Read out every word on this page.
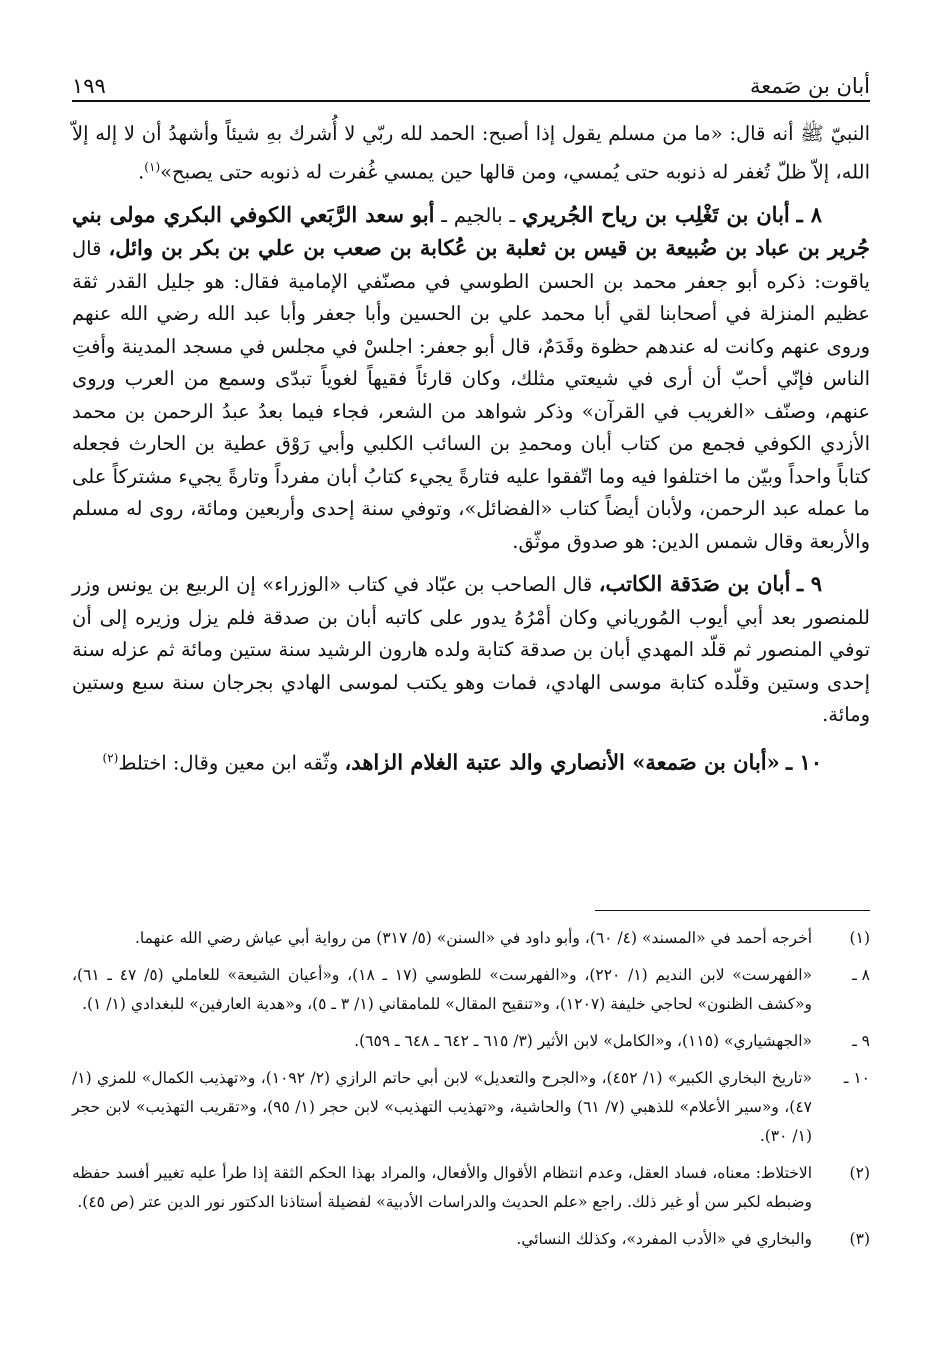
أبان بن صَمعة
١٩٩

النبيّ ﷺ أنه قال: «ما من مسلم يقول إذا أصبح: الحمد لله ربّي لا أُشرك بهِ شيئاً وأشهدُ أن لا إله إلاّ الله، إلاّ ظلّ تُغفر له ذنوبه حتى يُمسي، ومن قالها حين يمسي غُفرت له ذنوبه حتى يصبح»$^{(١)}$.

٨ ـ أبان بن تَغْلِب بن رياح الجُريري ـ بالجيم ـ أبو سعد الرَّبَعي الكوفي البكري مولى بني جُرير بن عباد بن ضُبيعة بن قيس بن ثعلبة بن عُكابة بن صعب بن علي بن بكر بن وائل، قال ياقوت: ذكره أبو جعفر محمد بن الحسن الطوسي في مصنّفي الإمامية فقال: هو جليل القدر ثقة عظيم المنزلة في أصحابنا لقي أبا محمد علي بن الحسين وأبا جعفر وأبا عبد الله رضي الله عنهم وروى عنهم وكانت له عندهم حظوة وقَدَمٌ، قال أبو جعفر: اجلسْ في مجلس في مسجد المدينة وأفتِ الناس فإنّي أحبّ أن أرى في شيعتي مثلك، وكان قارئاً فقيهاً لغوياً تبدّى وسمع من العرب وروى عنهم، وصنّف «الغريب في القرآن» وذكر شواهد من الشعر، فجاء فيما بعدُ عبدُ الرحمن بن محمد الأزدي الكوفي فجمع من كتاب أبان ومحمدِ بن السائب الكلبي وأبي رَوْق عطية بن الحارث فجعله كتاباً واحداً وبيّن ما اختلفوا فيه وما اتّفقوا عليه فتارةً يجيء كتابُ أبان مفرداً وتارةً يجيء مشتركاً على ما عمله عبد الرحمن، ولأبان أيضاً كتاب «الفضائل»، وتوفي سنة إحدى وأربعين ومائة، روى له مسلم والأربعة وقال شمس الدين: هو صدوق موثّق.

٩ ـ أبان بن صَدَقة الكاتب، قال الصاحب بن عبّاد في كتاب «الوزراء» إن الربيع بن يونس وزر للمنصور بعد أبي أيوب المُورياني وكان أمْرُهُ يدور على كاتبه أبان بن صدقة فلم يزل وزيره إلى أن توفي المنصور ثم قلّد المهدي أبان بن صدقة كتابة ولده هارون الرشيد سنة ستين ومائة ثم عزله سنة إحدى وستين وقلّده كتابة موسى الهادي، فمات وهو يكتب لموسى الهادي بجرجان سنة سبع وستين ومائة.

١٠ ـ «أبان بن صَمعة» الأنصاري والد عتبة الغلام الزاهد، وثّقه ابن معين وقال: اختلط$^{(٢)}$

(١)
أخرجه أحمد في «المسند» (٤/ ٦٠)، وأبو داود في «السنن» (٥/ ٣١٧) من رواية أبي عياش رضي الله عنهما.
٨ ـ
«الفهرست» لابن النديم (١/ ٢٢٠)، و«الفهرست» للطوسي (١٧ ـ ١٨)، و«أعيان الشيعة» للعاملي (٥/ ٤٧ ـ ٦١)، و«كشف الظنون» لحاجي خليفة (١٢٠٧)، و«تنقيح المقال» للمامقاني (١/ ٣ ـ ٥)، و«هدية العارفين» للبغدادي (١/ ١).
٩ ـ
«الجهشياري» (١١٥)، و«الكامل» لابن الأثير (٣/ ٦١٥ ـ ٦٤٢ ـ ٦٤٨ ـ ٦٥٩).
١٠ ـ
«تاريخ البخاري الكبير» (١/ ٤٥٢)، و«الجرح والتعديل» لابن أبي حاتم الرازي (٢/ ١٠٩٢)، و«تهذيب الكمال» للمزي (١/ ٤٧)، و«سير الأعلام» للذهبي (٧/ ٦١) والحاشية، و«تهذيب التهذيب» لابن حجر (١/ ٩٥)، و«تقريب التهذيب» لابن حجر (١/ ٣٠).
(٢)
الاختلاط: معناه، فساد العقل، وعدم انتظام الأقوال والأفعال، والمراد بهذا الحكم الثقة إذا طرأ عليه تغيير أفسد حفظه وضبطه لكبر سن أو غير ذلك. راجع «علم الحديث والدراسات الأدبية» لفضيلة أستاذنا الدكتور نور الدين عتر (ص ٤٥).
(٣)
والبخاري في «الأدب المفرد»، وكذلك النسائي.
